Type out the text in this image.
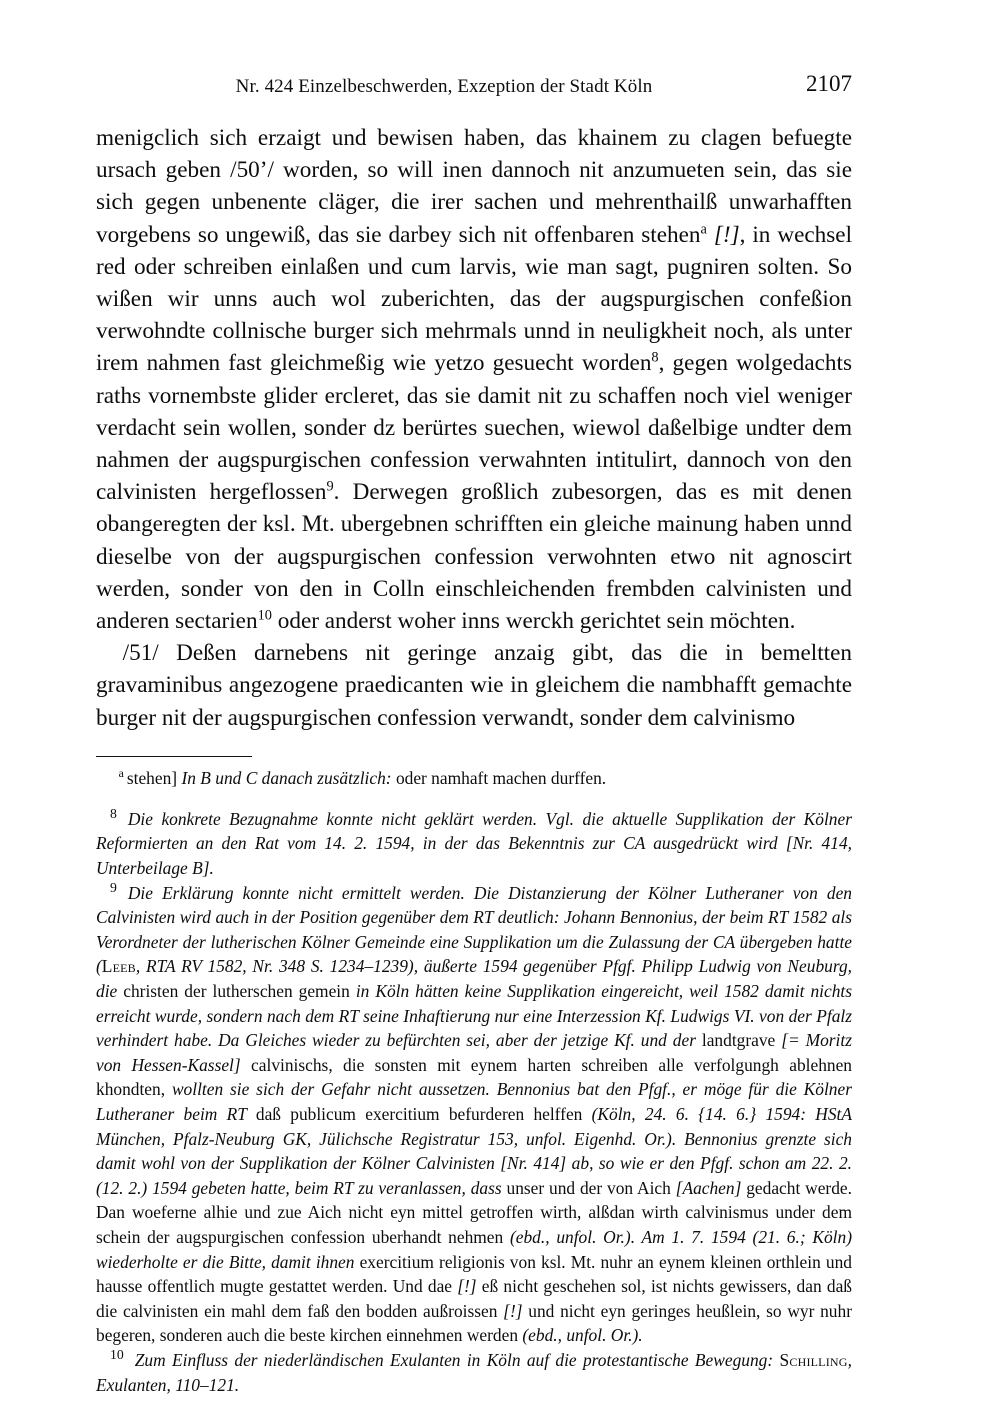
Nr. 424 Einzelbeschwerden, Exzeption der Stadt Köln	2107

menigclich sich erzaigt und bewisen haben, das khainem zu clagen befuegte ursach geben /50’/ worden, so will inen dannoch nit anzumueten sein, das sie sich gegen unbenente cläger, die irer sachen und mehrenthailß unwarhafften vorgebens so ungewiß, das sie darbey sich nit offenbaren stehen$^a$ [!], in wechsel red oder schreiben einlaßen und cum larvis, wie man sagt, pugniren solten. So wißen wir unns auch wol zuberichten, das der augspurgischen confeßion verwohndte collnische burger sich mehrmals unnd in neuligkheit noch, als unter irem nahmen fast gleichmeßig wie yetzo gesuecht worden$^8$, gegen wolgedachts raths vornembste glider ercleret, das sie damit nit zu schaffen noch viel weniger verdacht sein wollen, sonder dz berürtes suechen, wiewol daßelbige undter dem nahmen der augspurgischen confession verwahnten intitulirt, dannoch von den calvinisten hergeflossen$^9$. Derwegen großlich zubesorgen, das es mit denen obangeregten der ksl. Mt. ubergebnen schrifften ein gleiche mainung haben unnd dieselbe von der augspurgischen confession verwohnten etwo nit agnoscirt werden, sonder von den in Colln einschleichenden frembden calvinisten und anderen sectarien$^{10}$ oder anderst woher inns werckh gerichtet sein möchten.

/51/ Deßen darnebens nit geringe anzaig gibt, das die in bemeltten gravaminibus angezogene praedicanten wie in gleichem die nambhafft gemachte burger nit der augspurgischen confession verwandt, sonder dem calvinismo

$^a$ stehen] In B und C danach zusätzlich: oder namhaft machen durffen.

$^8$ Die konkrete Bezugnahme konnte nicht geklärt werden. Vgl. die aktuelle Supplikation der Kölner Reformierten an den Rat vom 14. 2. 1594, in der das Bekenntnis zur CA ausgedrückt wird [Nr. 414, Unterbeilage B].

$^9$ Die Erklärung konnte nicht ermittelt werden. Die Distanzierung der Kölner Lutheraner von den Calvinisten wird auch in der Position gegenüber dem RT deutlich: Johann Bennonius, der beim RT 1582 als Verordneter der lutherischen Kölner Gemeinde eine Supplikation um die Zulassung der CA übergeben hatte (Leeb, RTA RV 1582, Nr. 348 S. 1234–1239), äußerte 1594 gegenüber Pfgf. Philipp Ludwig von Neuburg, die christen der lutherschen gemein in Köln hätten keine Supplikation eingereicht, weil 1582 damit nichts erreicht wurde, sondern nach dem RT seine Inhaftierung nur eine Interzession Kf. Ludwigs VI. von der Pfalz verhindert habe. Da Gleiches wieder zu befürchten sei, aber der jetzige Kf. und der landtgrave [= Moritz von Hessen-Kassel] calvinischs, die sonsten mit eynem harten schreiben alle verfolgungh ablehnen khondten, wollten sie sich der Gefahr nicht aussetzen. Bennonius bat den Pfgf., er möge für die Kölner Lutheraner beim RT daß publicum exercitium befurderen helffen (Köln, 24. 6. {14. 6.} 1594: HStA München, Pfalz-Neuburg GK, Jülichsche Registratur 153, unfol. Eigenhd. Or.). Bennonius grenzte sich damit wohl von der Supplikation der Kölner Calvinisten [Nr. 414] ab, so wie er den Pfgf. schon am 22. 2. (12. 2.) 1594 gebeten hatte, beim RT zu veranlassen, dass unser und der von Aich [Aachen] gedacht werde. Dan woeferne alhie und zue Aich nicht eyn mittel getroffen wirth, alßdan wirth calvinismus under dem schein der augspurgischen confession uberhandt nehmen (ebd., unfol. Or.). Am 1. 7. 1594 (21. 6.; Köln) wiederholte er die Bitte, damit ihnen exercitium religionis von ksl. Mt. nuhr an eynem kleinen orthlein und hausse offentlich mugte gestattet werden. Und dae [!] eß nicht geschehen sol, ist nichts gewissers, dan daß die calvinisten ein mahl dem faß den bodden außroissen [!] und nicht eyn geringes heußlein, so wyr nuhr begeren, sonderen auch die beste kirchen einnehmen werden (ebd., unfol. Or.).

$^{10}$ Zum Einfluss der niederländischen Exulanten in Köln auf die protestantische Bewegung: Schilling, Exulanten, 110–121.
